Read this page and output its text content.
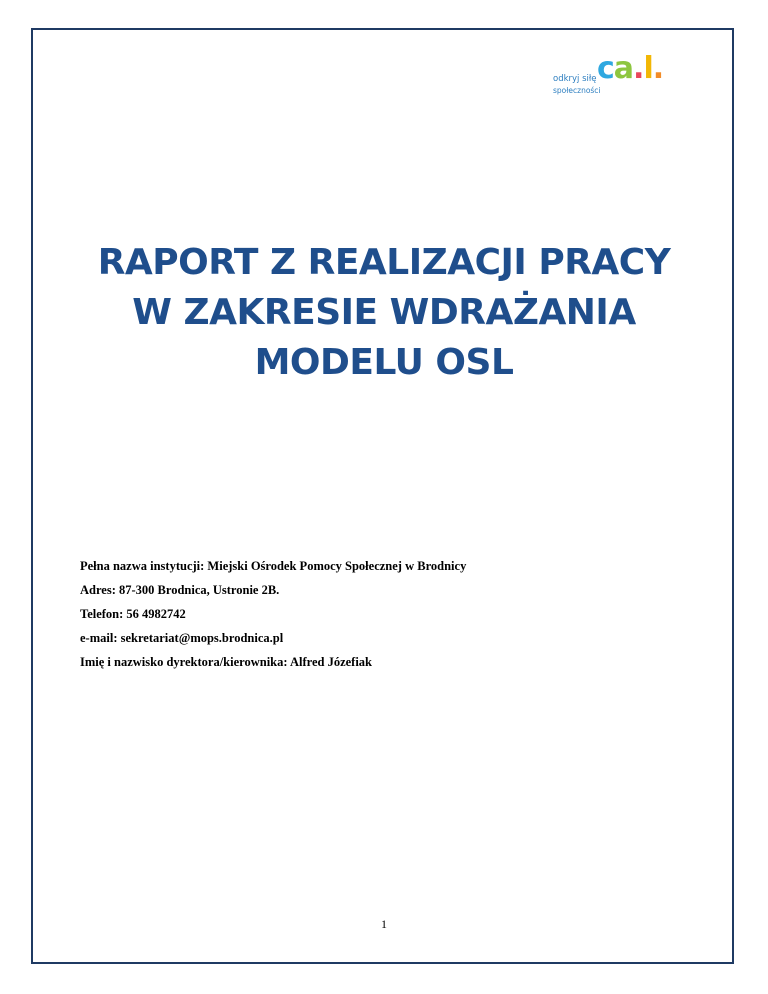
odkryj siłę
społeczności
ca.l.
RAPORT Z REALIZACJI PRACY
W ZAKRESIE WDRAŻANIA
MODELU OSL
Pełna nazwa instytucji: Miejski Ośrodek Pomocy Społecznej w Brodnicy
Adres: 87-300 Brodnica, Ustronie 2B.
Telefon: 56 4982742
e-mail: sekretariat@mops.brodnica.pl
Imię i nazwisko dyrektora/kierownika: Alfred Józefiak
1
